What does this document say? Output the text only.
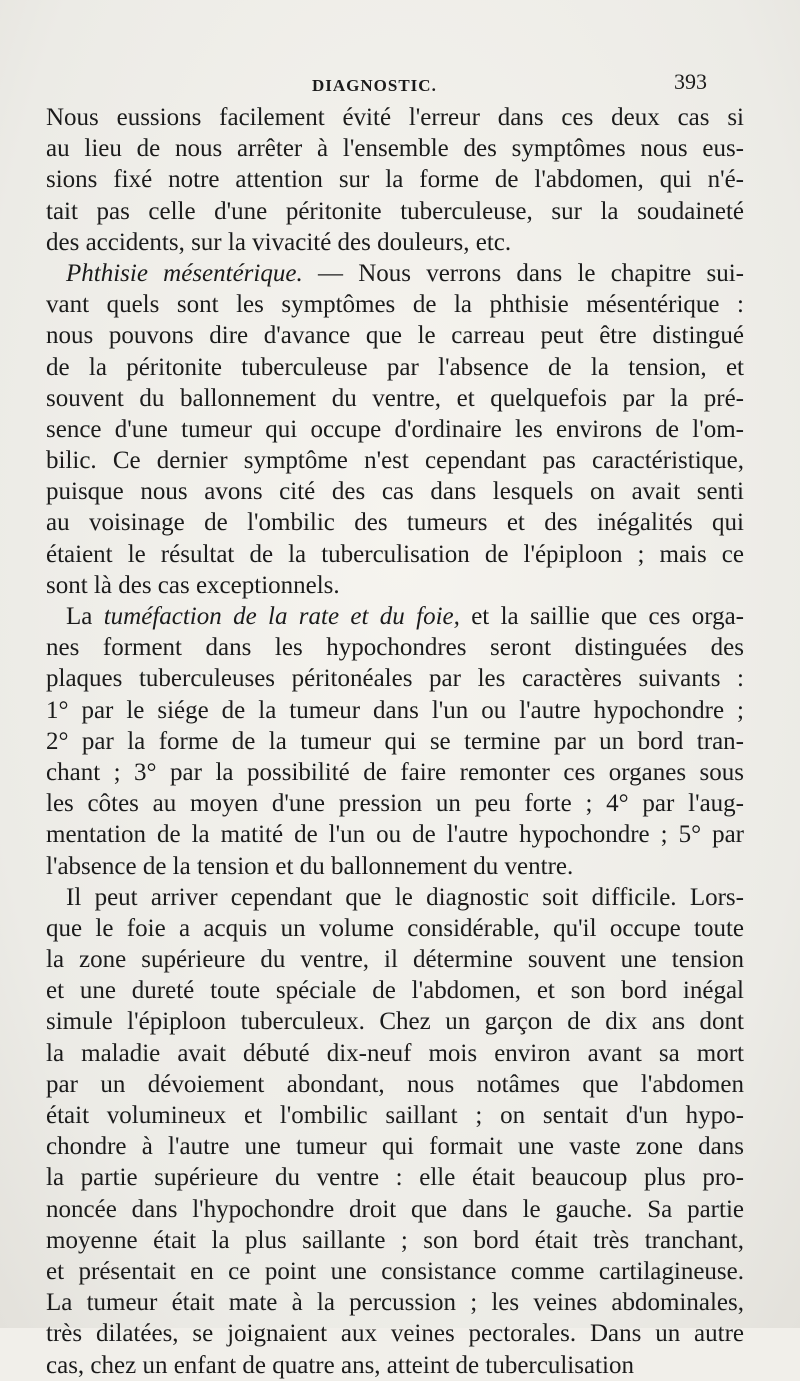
DIAGNOSTIC.	393
Nous eussions facilement évité l'erreur dans ces deux cas si
au lieu de nous arrêter à l'ensemble des symptômes nous eus-
sions fixé notre attention sur la forme de l'abdomen, qui n'é-
tait pas celle d'une péritonite tuberculeuse, sur la soudaineté
des accidents, sur la vivacité des douleurs, etc.
Phthisie mésentérique. — Nous verrons dans le chapitre sui-
vant quels sont les symptômes de la phthisie mésentérique :
nous pouvons dire d'avance que le carreau peut être distingué
de la péritonite tuberculeuse par l'absence de la tension, et
souvent du ballonnement du ventre, et quelquefois par la pré-
sence d'une tumeur qui occupe d'ordinaire les environs de l'om-
bilic. Ce dernier symptôme n'est cependant pas caractéristique,
puisque nous avons cité des cas dans lesquels on avait senti
au voisinage de l'ombilic des tumeurs et des inégalités qui
étaient le résultat de la tuberculisation de l'épiploon ; mais ce
sont là des cas exceptionnels.
La tuméfaction de la rate et du foie, et la saillie que ces orga-
nes forment dans les hypochondres seront distinguées des
plaques tuberculeuses péritonéales par les caractères suivants :
1° par le siége de la tumeur dans l'un ou l'autre hypochondre ;
2° par la forme de la tumeur qui se termine par un bord tran-
chant ; 3° par la possibilité de faire remonter ces organes sous
les côtes au moyen d'une pression un peu forte ; 4° par l'aug-
mentation de la matité de l'un ou de l'autre hypochondre ; 5° par
l'absence de la tension et du ballonnement du ventre.
Il peut arriver cependant que le diagnostic soit difficile. Lors-
que le foie a acquis un volume considérable, qu'il occupe toute
la zone supérieure du ventre, il détermine souvent une tension
et une dureté toute spéciale de l'abdomen, et son bord inégal
simule l'épiploon tuberculeux. Chez un garçon de dix ans dont
la maladie avait débuté dix-neuf mois environ avant sa mort
par un dévoiement abondant, nous notâmes que l'abdomen
était volumineux et l'ombilic saillant ; on sentait d'un hypo-
chondre à l'autre une tumeur qui formait une vaste zone dans
la partie supérieure du ventre : elle était beaucoup plus pro-
noncée dans l'hypochondre droit que dans le gauche. Sa partie
moyenne était la plus saillante ; son bord était très tranchant,
et présentait en ce point une consistance comme cartilagineuse.
La tumeur était mate à la percussion ; les veines abdominales,
très dilatées, se joignaient aux veines pectorales. Dans un autre
cas, chez un enfant de quatre ans, atteint de tuberculisation
